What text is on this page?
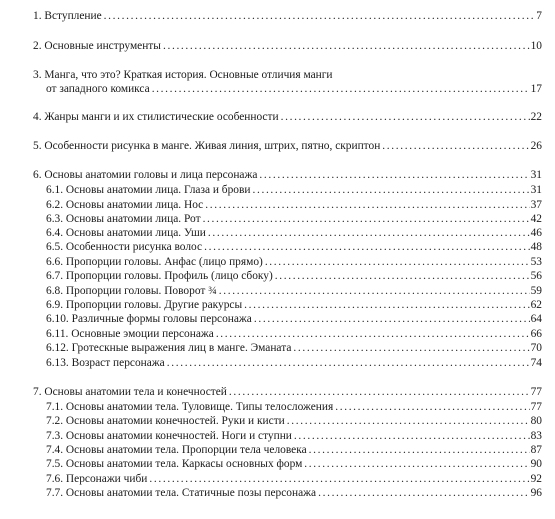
1. Вступление . . .	7
2. Основные инструменты . . .	10
3. Манга, что это? Краткая история. Основные отличия манги
от западного комикса . . .	17
4. Жанры манги и их стилистические особенности . . .	22
5. Особенности рисунка в манге. Живая линия, штрих, пятно, скриптон . . .	26
6. Основы анатомии головы и лица персонажа . . .	31
6.1. Основы анатомии лица. Глаза и брови . . .	31
6.2. Основы анатомии лица. Нос . . .	37
6.3. Основы анатомии лица. Рот . . .	42
6.4. Основы анатомии лица. Уши . . .	46
6.5. Особенности рисунка волос . . .	48
6.6. Пропорции головы. Анфас (лицо прямо) . . .	53
6.7. Пропорции головы. Профиль (лицо сбоку) . . .	56
6.8. Пропорции головы. Поворот ¾ . . .	59
6.9. Пропорции головы. Другие ракурсы . . .	62
6.10. Различные формы головы персонажа . . .	64
6.11. Основные эмоции персонажа . . .	66
6.12. Гротескные выражения лиц в манге. Эманата . . .	70
6.13. Возраст персонажа . . .	74
7. Основы анатомии тела и конечностей . . .	77
7.1. Основы анатомии тела. Туловище. Типы телосложения . . .	77
7.2. Основы анатомии конечностей. Руки и кисти . . .	80
7.3. Основы анатомии конечностей. Ноги и ступни . . .	83
7.4. Основы анатомии тела. Пропорции тела человека . . .	87
7.5. Основы анатомии тела. Каркасы основных форм . . .	90
7.6. Персонажи чиби . . .	92
7.7. Основы анатомии тела. Статичные позы персонажа . . .	96
